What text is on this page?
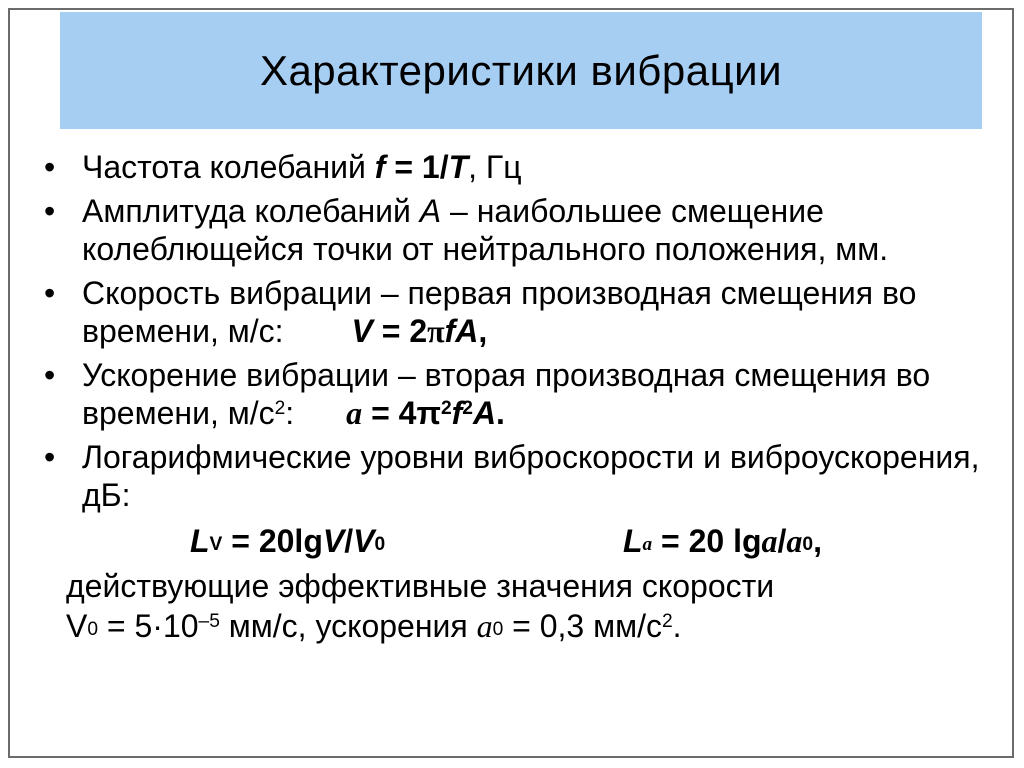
Характеристики вибрации
• Частота колебаний f = 1/T, Гц
• Амплитуда колебаний А – наибольшее смещение колеблющейся точки от нейтрального положения, мм.
• Скорость вибрации – первая производная смещения во времени, м/с: V = 2πfA,
• Ускорение вибрации – вторая производная смещения во времени, $м/с^2$: $a = 4\pi^2f^2A$.
• Логарифмические уровни виброскорости и виброускорения, дБ:
$L_V = 20\lg V/V_0$	$L_a = 20$ lga/$a_0$,
действующие эффективные значения скорости
$V_0 = 5\cdot 10^{-5}$ мм/с, ускорения $a_0 = 0,3$ $мм/с^2$.
